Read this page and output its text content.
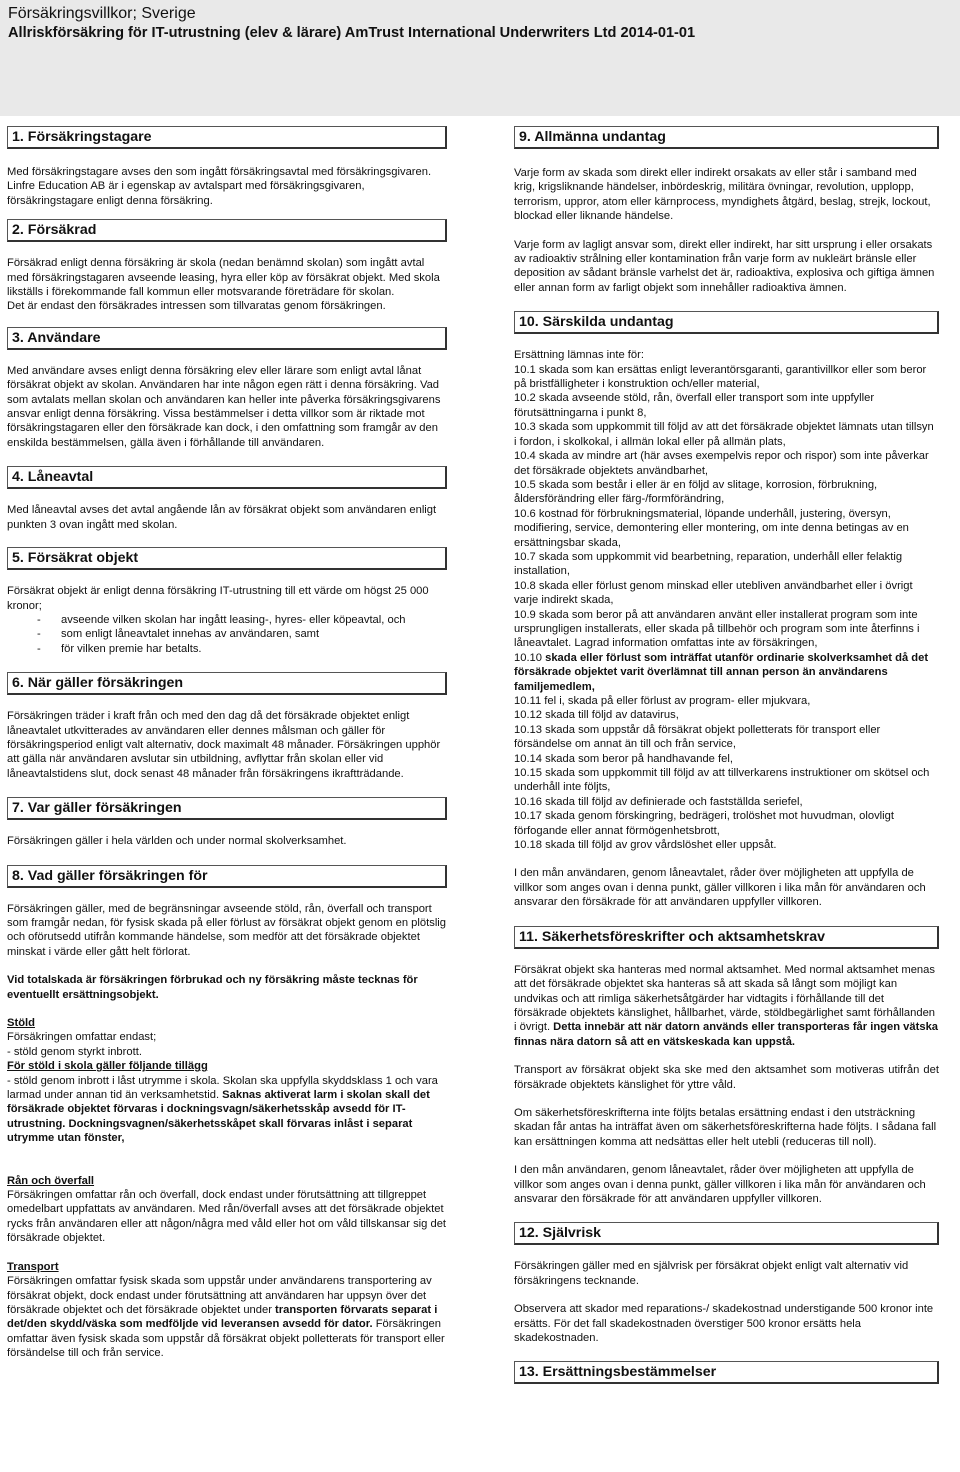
Försäkringsvillkor; Sverige
Allriskförsäkring för IT-utrustning (elev & lärare) AmTrust International Underwriters Ltd 2014-01-01
1. Försäkringstagare

Med försäkringstagare avses den som ingått försäkringsavtal med försäkringsgivaren. Linfre Education AB är i egenskap av avtalspart med försäkringsgivaren, försäkringstagare enligt denna försäkring.

2. Försäkrad

Försäkrad enligt denna försäkring är skola (nedan benämnd skolan) som ingått avtal med försäkringstagaren avseende leasing, hyra eller köp av försäkrat objekt. Med skola likställs i förekommande fall kommun eller motsvarande företrädare för skolan.

Det är endast den försäkrades intressen som tillvaratas genom försäkringen.

3. Användare

Med användare avses enligt denna försäkring elev eller lärare som enligt avtal lånat försäkrat objekt av skolan. Användaren har inte någon egen rätt i denna försäkring. Vad som avtalats mellan skolan och användaren kan heller inte påverka försäkringsgivarens ansvar enligt denna försäkring. Vissa bestämmelser i detta villkor som är riktade mot försäkringstagaren eller den försäkrade kan dock, i den omfattning som framgår av den enskilda bestämmelsen, gälla även i förhållande till användaren.

4. Låneavtal

Med låneavtal avses det avtal angående lån av försäkrat objekt som användaren enligt punkten 3 ovan ingått med skolan.

5. Försäkrat objekt

Försäkrat objekt är enligt denna försäkring IT-utrustning till ett värde om högst 25 000 kronor;

- avseende vilken skolan har ingått leasing-, hyres- eller köpeavtal, och
- som enligt låneavtalet innehas av användaren, samt
- för vilken premie har betalts.
6. När gäller försäkringen

Försäkringen träder i kraft från och med den dag då det försäkrade objektet enligt låneavtalet utkvitterades av användaren eller dennes målsman och gäller för försäkringsperiod enligt valt alternativ, dock maximalt 48 månader. Försäkringen upphör att gälla när användaren avslutar sin utbildning, avflyttar från skolan eller vid låneavtalstidens slut, dock senast 48 månader från försäkringens ikraftträdande.

7. Var gäller försäkringen

Försäkringen gäller i hela världen och under normal skolverksamhet.

8. Vad gäller försäkringen för

Försäkringen gäller, med de begränsningar avseende stöld, rån, överfall och transport som framgår nedan, för fysisk skada på eller förlust av försäkrat objekt genom en plötslig och oförutsedd utifrån kommande händelse, som medför att det försäkrade objektet minskat i värde eller gått helt förlorat.

Vid totalskada är försäkringen förbrukad och ny försäkring måste tecknas för eventuellt ersättningsobjekt.

Stöld

Försäkringen omfattar endast;

- stöld genom styrkt inbrott.

För stöld i skola gäller följande tillägg

- stöld genom inbrott i låst utrymme i skola. Skolan ska uppfylla skyddsklass 1 och vara larmad under annan tid än verksamhetstid. Saknas aktiverat larm i skolan skall det försäkrade objektet förvaras i dockningsvagn/säkerhetsskåp avsedd för IT-utrustning. Dockningsvagnen/säkerhetsskåpet skall förvaras inlåst i separat utrymme utan fönster,

Rån och överfall

Försäkringen omfattar rån och överfall, dock endast under förutsättning att tillgreppet omedelbart uppfattats av användaren. Med rån/överfall avses att det försäkrade objektet rycks från användaren eller att någon/några med våld eller hot om våld tillskansar sig det försäkrade objektet.

Transport

Försäkringen omfattar fysisk skada som uppstår under användarens transportering av försäkrat objekt, dock endast under förutsättning att användaren har uppsyn över det försäkrade objektet och det försäkrade objektet under transporten förvarats separat i det/den skydd/väska som medföljde vid leveransen avsedd för dator. Försäkringen omfattar även fysisk skada som uppstår då försäkrat objekt polletterats för transport eller försändelse till och från service.

9. Allmänna undantag

Varje form av skada som direkt eller indirekt orsakats av eller står i samband med krig, krigsliknande händelser, inbördeskrig, militära övningar, revolution, upplopp, terrorism, uppror, atom eller kärnprocess, myndighets åtgärd, beslag, strejk, lockout, blockad eller liknande händelse.

Varje form av lagligt ansvar som, direkt eller indirekt, har sitt ursprung i eller orsakats av radioaktiv strålning eller kontamination från varje form av nukleärt bränsle eller deposition av sådant bränsle varhelst det är, radioaktiva, explosiva och giftiga ämnen eller annan form av farligt objekt som innehåller radioaktiva ämnen.

10. Särskilda undantag

Ersättning lämnas inte för:

10.1 skada som kan ersättas enligt leverantörsgaranti, garantivillkor eller som beror på bristfälligheter i konstruktion och/eller material,

10.2 skada avseende stöld, rån, överfall eller transport som inte uppfyller förutsättningarna i punkt 8,

10.3 skada som uppkommit till följd av att det försäkrade objektet lämnats utan tillsyn i fordon, i skolkokal, i allmän lokal eller på allmän plats,

10.4 skada av mindre art (här avses exempelvis repor och rispor) som inte påverkar det försäkrade objektets användbarhet,

10.5 skada som består i eller är en följd av slitage, korrosion, förbrukning, åldersförändring eller färg-/formförändring,

10.6 kostnad för förbrukningsmaterial, löpande underhåll, justering, översyn, modifiering, service, demontering eller montering, om inte denna betingas av en ersättningsbar skada,

10.7 skada som uppkommit vid bearbetning, reparation, underhåll eller felaktig installation,

10.8 skada eller förlust genom minskad eller utebliven användbarhet eller i övrigt varje indirekt skada,

10.9 skada som beror på att användaren använt eller installerat program som inte ursprungligen installerats, eller skada på tillbehör och program som inte återfinns i låneavtalet. Lagrad information omfattas inte av försäkringen,

10.10 skada eller förlust som inträffat utanför ordinarie skolverksamhet då det försäkrade objektet varit överlämnat till annan person än användarens familjemedlem,

10.11 fel i, skada på eller förlust av program- eller mjukvara,

10.12 skada till följd av datavirus,

10.13 skada som uppstår då försäkrat objekt polletterats för transport eller försändelse om annat än till och från service,

10.14 skada som beror på handhavande fel,

10.15 skada som uppkommit till följd av att tillverkarens instruktioner om skötsel och underhåll inte följts,

10.16 skada till följd av definierade och fastställda seriefel,

10.17 skada genom förskingring, bedrägeri, trolöshet mot huvudman, olovligt förfogande eller annat förmögenhetsbrott,

10.18 skada till följd av grov vårdslöshet eller uppsåt.

I den mån användaren, genom låneavtalet, råder över möjligheten att uppfylla de villkor som anges ovan i denna punkt, gäller villkoren i lika mån för användaren och ansvarar den försäkrade för att användaren uppfyller villkoren.

11. Säkerhetsföreskrifter och aktsamhetskrav

Försäkrat objekt ska hanteras med normal aktsamhet. Med normal aktsamhet menas att det försäkrade objektet ska hanteras så att skada så långt som möjligt kan undvikas och att rimliga säkerhetsåtgärder har vidtagits i förhållande till det försäkrade objektets känslighet, hållbarhet, värde, stöldbegärlighet samt förhållanden i övrigt. Detta innebär att när datorn används eller transporteras får ingen vätska finnas nära datorn så att en vätskeskada kan uppstå.

Transport av försäkrat objekt ska ske med den aktsamhet som motiveras utifrån det försäkrade objektets känslighet för yttre våld.

Om säkerhetsföreskrifterna inte följts betalas ersättning endast i den utsträckning skadan får antas ha inträffat även om säkerhetsföreskrifterna hade följts. I sådana fall kan ersättningen komma att nedsättas eller helt utebli (reduceras till noll).

I den mån användaren, genom låneavtalet, råder över möjligheten att uppfylla de villkor som anges ovan i denna punkt, gäller villkoren i lika mån för användaren och ansvarar den försäkrade för att användaren uppfyller villkoren.

12. Självrisk

Försäkringen gäller med en självrisk per försäkrat objekt enligt valt alternativ vid försäkringens tecknande.

Observera att skador med reparations-/ skadekostnad understigande 500 kronor inte ersätts. För det fall skadekostnaden överstiger 500 kronor ersätts hela skadekostnaden.

13. Ersättningsbestämmelser
